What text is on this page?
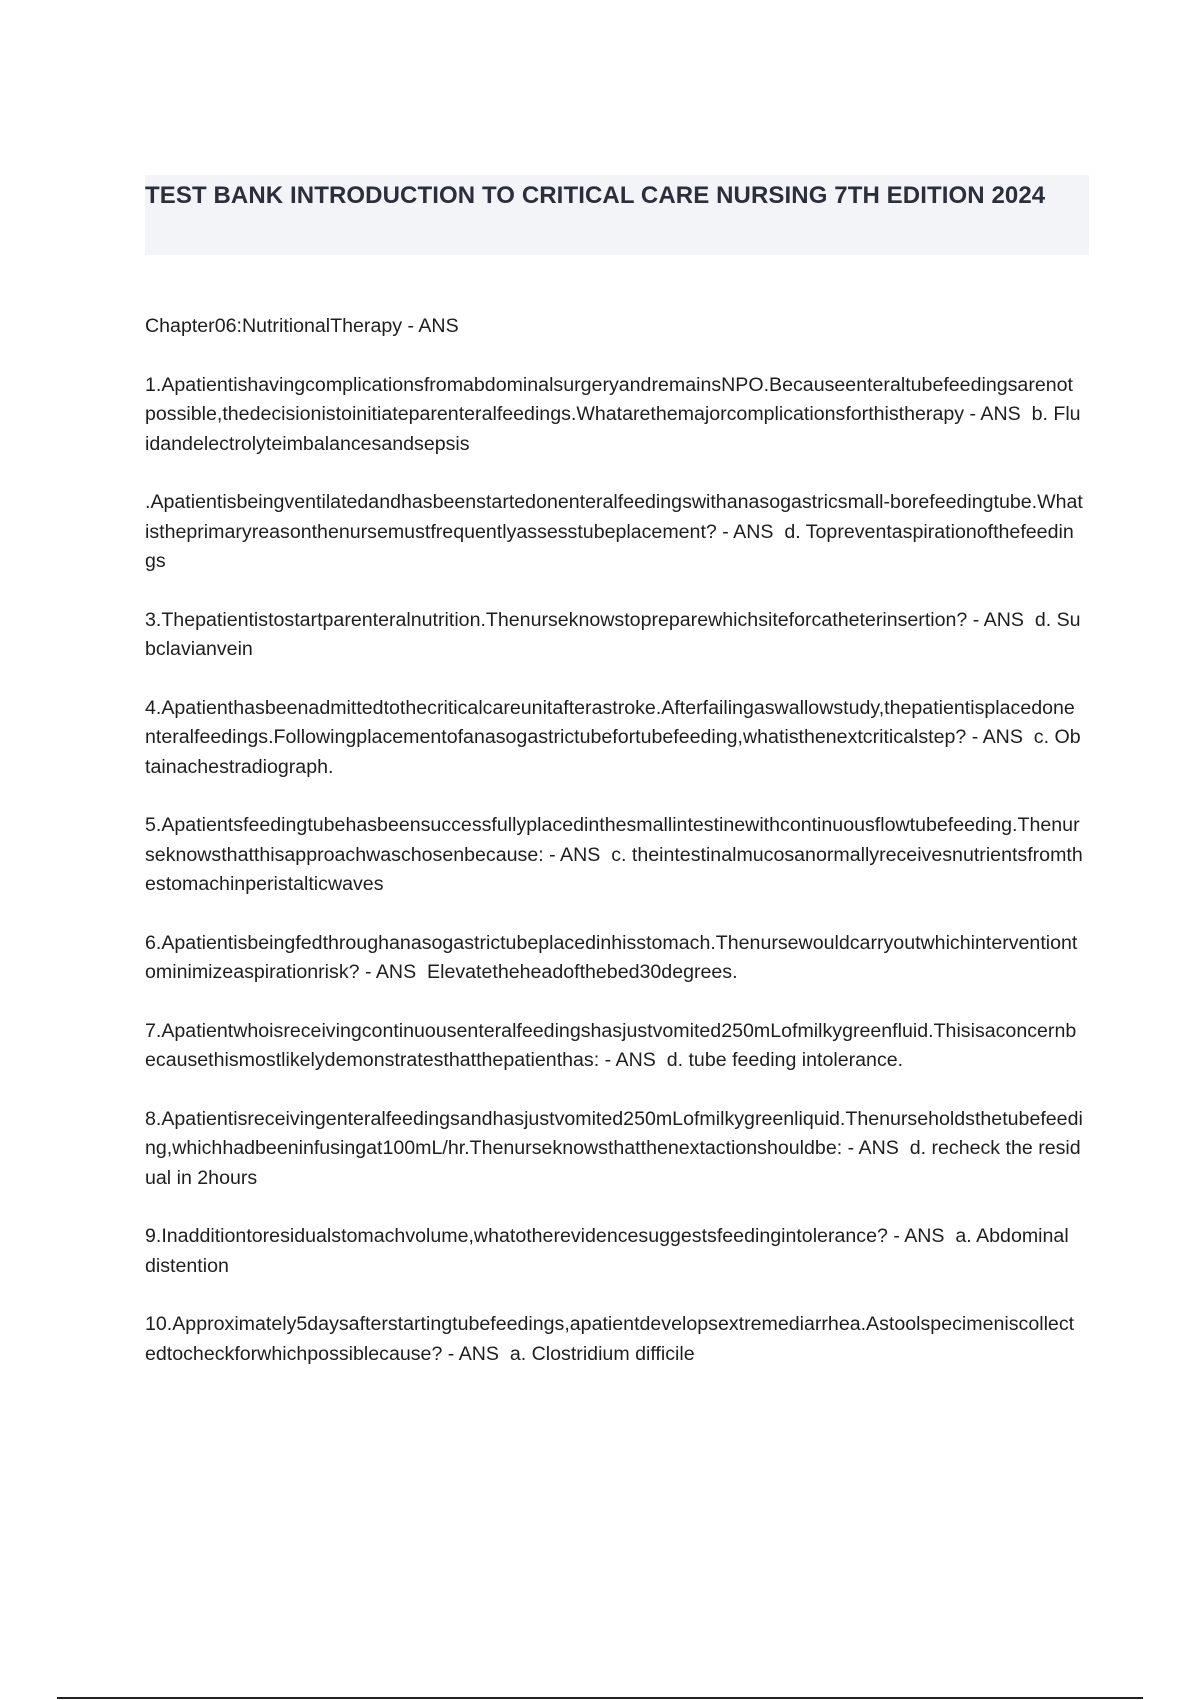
TEST BANK INTRODUCTION TO CRITICAL CARE NURSING 7TH EDITION 2024

Chapter06:NutritionalTherapy - ANS

1.ApatientishavingcomplicationsfromabdominalsurgeryandremainsNPO.Becauseenteraltubefeedingsarenotpossible,thedecisionistoinitiateparenteralfeedings.Whatarethemajorcomplicationsforthistherapy - ANS  b. Fluidandelectrolyteimbalancesandsepsis

.Apatientisbeingventilatedandhasbeenstartedonenteralfeedingswithanasogastricsmall-borefeedingtube.Whatistheprimaryreasonthenursemustfrequentlyassesstubeplacement? - ANS  d. Topreventaspirationofthefeedings

3.Thepatientistostartparenteralnutrition.Thenurseknowstopreparewhichsiteforcatheterinsertion? - ANS  d. Subclavianvein

4.Apatienthasbeenadmittedtothecriticalcareunitafterastroke.Afterfailingaswallowstudy,thepatientisplacedonenteralfeedings.Followingplacementofanasogastrictubefortubefeeding,whatisthenextcriticalstep? - ANS  c. Obtainachestradiograph.

5.Apatientsfeedingtubehasbeensuccessfullyplacedinthesmallintestinewithcontinuousflowtubefeeding.Thenurseknowsthatthisapproachwaschosenbecause: - ANS  c. theintestinalmucosanormallyreceivesnutrientsfromthestomachinperistalticwaves

6.Apatientisbeingfedthroughanasogastrictubeplacedinhisstomach.Thenursewouldcarryoutwhichinterventiontominimizeaspirationrisk? - ANS  Elevatetheheadofthebed30degrees.

7.Apatientwhoisreceivingcontinuousenteralfeedingshasjustvomited250mLofmilkygreenfluid.Thisisaconcernbecausethismostlikelydemonstratesthatthepatienthas: - ANS  d. tube feeding intolerance.

8.Apatientisreceivingenteralfeedingsandhasjustvomited250mLofmilkygreenliquid.Thenurseholdsthetubefeeding,whichhadbeeninfusingat100mL/hr.Thenurseknowsthatthenextactionshouldbe: - ANS  d. recheck the residual in 2hours

9.Inadditiontoresidualstomachvolume,whatotherevidencesuggestsfeedingintolerance? - ANS  a. Abdominal distention

10.Approximately5daysafterstartingtubefeedings,apatientdevelopsextremediarrhea.Astoolspecimeniscollectedtocheckforwhichpossiblecause? - ANS  a. Clostridium difficile
